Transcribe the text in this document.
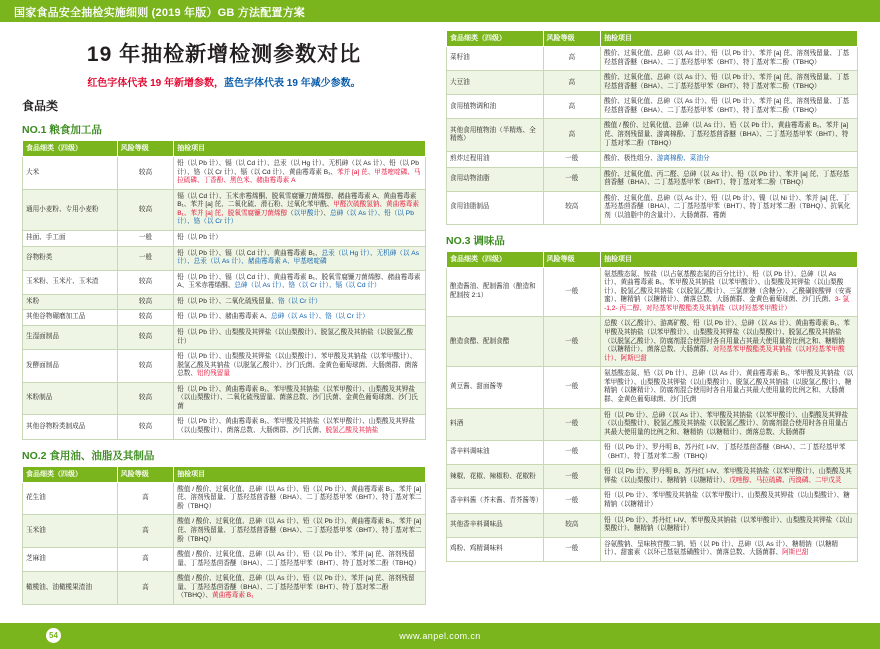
国家食品安全抽检实施细则 (2019 年版）GB 方法配置方案
19 年抽检新增检测参数对比
红色字体代表 19 年新增参数，蓝色字体代表 19 年减少参数。
食品类
NO.1 粮食加工品
食品细类（四级）	风险等级	抽检项目
大米	较高	铅（以 Pb 计）、镉（以 Cd 计）、总汞（以 Hg 计）、无机砷（以 As 计）、铅（以 Pb 计）、铬（以 Cr 计）、镉（以 Cd 计）、黄曲霉毒素 B₁、苯并 [a] 芘、甲基嘧啶磷、马拉硫磷、丁香酚、黑色米、赭曲霉毒素 A
通用小麦粉、专用小麦粉	较高	镉（以 Cd 计）、玉米赤霉烯酮、脱氧雪腐镰刀菌烯醇、赭曲霉毒素 A、黄曲霉毒素 B₁、苯并 [a] 芘、二氧化硫、滑石粉、过氧化苯甲酰、甲醛次硫酸氢钠、黄曲霉毒素 B₁、苯并 [a] 芘、脱氧雪腐镰刀菌烯醇（以甲酸计）、总砷（以 As 计）、铅（以 Pb 计）、铬（以 Cr 计）
挂面、手工面	一般	铅（以 Pb 计）
谷物粉类	一般	铅（以 Pb 计）、镉（以 Cd 计）、黄曲霉毒素 B₁、总汞（以 Hg 计）、无机砷（以 As 计）、总汞（以 As 计）、赭曲霉毒素 A、甲基嘧啶磷
玉米粉、玉米片、玉米渣	较高	铅（以 Pb 计）、镉（以 Cd 计）、黄曲霉毒素 B₁、脱氧雪腐镰刀菌烯醇、赭曲霉毒素 A、玉米赤霉烯酮、总砷（以 As 计）、铬（以 Cr 计）、镉（以 Cd 计）
米粉	较高	铅（以 Pb 计）、二氧化硫残留量、铬（以 Cr 计）
其他谷物碾磨加工品	较高	铅（以 Pb 计）、赭曲霉毒素 A、总砷（以 As 计）、铬（以 Cr 计）
生湿面制品	较高	铅（以 Pb 计）、山梨酸及其钾盐（以山梨酸计）、脱氢乙酸及其钠盐（以脱氢乙酸计）
发酵面制品	较高	铅（以 Pb 计）、山梨酸及其钾盐（以山梨酸计）、苯甲酸及其钠盐（以苯甲酸计）、脱氢乙酸及其钠盐（以脱氢乙酸计）、沙门氏菌、金黄色葡萄球菌、大肠菌群、菌落总数、铝的残留量
米粉制品	较高	铅（以 Pb 计）、黄曲霉毒素 B₁、苯甲酸及其钠盐（以苯甲酸计）、山梨酸及其钾盐（以山梨酸计）、二氧化硫残留量、菌落总数、沙门氏菌、金黄色葡萄球菌、沙门氏菌
其他谷物粉类制成品	较高	铅（以 Pb 计）、黄曲霉毒素 B₁、苯甲酸及其钠盐（以苯甲酸计）、山梨酸及其钾盐（以山梨酸计）、菌落总数、大肠菌群、沙门氏菌、脱氢乙酸及其钠盐
NO.2 食用油、油脂及其制品
食品细类（四级）	风险等级	抽检项目
花生油	高	酸值 / 酸价、过氧化值、总砷（以 As 计）、铅（以 Pb 计）、黄曲霉毒素 B₁、苯并 [a] 芘、溶剂残留量、丁基羟基茴香醚（BHA）、二丁基羟基甲苯（BHT）、特丁基对苯二酚（TBHQ）
玉米油	高	酸值 / 酸价、过氧化值、总砷（以 As 计）、铅（以 Pb 计）、黄曲霉毒素 B₁、苯并 [a] 芘、溶剂残留量、丁基羟基茴香醚（BHA）、二丁基羟基甲苯（BHT）、特丁基对苯二酚（TBHQ）
芝麻油	高	酸值 / 酸价、过氧化值、总砷（以 As 计）、铅（以 Pb 计）、苯并 [a] 芘、溶剂残留量、丁基羟基茴香醚（BHA）、二丁基羟基甲苯（BHT）、特丁基对苯二酚（TBHQ）
橄榄油、油橄榄果渣油	高	酸值 / 酸价、过氧化值、总砷（以 As 计）、铅（以 Pb 计）、苯并 [a] 芘、溶剂残留量、丁基羟基茴香醚（BHA）、二丁基羟基甲苯（BHT）、特丁基对苯二酚（TBHQ）、黄曲霉毒素 B₁
食品细类（四级）	风险等级	抽检项目
菜籽油	高	酸价、过氧化值、总砷（以 As 计）、铅（以 Pb 计）、苯并 [a] 芘、溶剂残留量、丁基羟基茴香醚（BHA）、二丁基羟基甲苯（BHT）、特丁基对苯二酚（TBHQ）
大豆油	高	酸价、过氧化值、总砷（以 As 计）、铅（以 Pb 计）、苯并 [a] 芘、溶剂残留量、丁基羟基茴香醚（BHA）、二丁基羟基甲苯（BHT）、特丁基对苯二酚（TBHQ）
食用植物调和油	高	酸价、过氧化值、总砷（以 As 计）、铅（以 Pb 计）、苯并 [a] 芘、溶剂残留量、丁基羟基茴香醚（BHA）、二丁基羟基甲苯（BHT）、特丁基对苯二酚（TBHQ）
其他食用植物油（半精炼、全精炼）	高	酸值 / 酸价、过氧化值、总砷（以 As 计）、铅（以 Pb 计）、黄曲霉毒素 B₁、苯并 [a] 芘、溶剂残留量、游离棉酚、丁基羟基茴香醚（BHA）、二丁基羟基甲苯（BHT）、特丁基对苯二酚（TBHQ）
煎炸过程用油	一般	酸价、极性组分、游离棉酚、菜油分
食用动物油脂	一般	酸价、过氧化值、丙二醛、总砷（以 As 计）、铅（以 Pb 计）、苯并 [a] 芘、丁基羟基茴香醚（BHA）、二丁基羟基甲苯（BHT）、特丁基对苯二酚（TBHQ）
食用油脂制品	较高	酸价、过氧化值、总砷（以 As 计）、铅（以 Pb 计）、镍（以 Ni 计）、苯并 [a] 芘、丁基羟基茴香醚（BHA）、二丁基羟基甲苯（BHT）、特丁基对苯二酚（TBHQ）、抗氧化剂（以油脂中的含量计）、大肠菌群、霉菌
NO.3 调味品
食品细类（四级）	风险等级	抽检项目
酿造酱油、配制酱油（酿造和配制按 2:1）	一般	氨基酸态氮、铵盐（以占氨基酸态氮的百分比计）、铅（以 Pb 计）、总砷（以 As 计）、黄曲霉毒素 B₁、苯甲酸及其钠盐（以苯甲酸计）、山梨酸及其钾盐（以山梨酸计）、脱氢乙酸及其钠盐（以脱氢乙酸计）、三氯蔗糖（含糖分）、乙酰磺胺酸钾（安赛蜜）、糖精钠（以糖精计）、菌落总数、大肠菌群、金黄色葡萄球菌、沙门氏菌、3- 氯 -1,2- 丙二醇、对羟基苯甲酸酯类及其钠盐（以对羟基苯甲酸计）
酿造食醋、配制食醋	一般	总酸（以乙酸计）、游离矿酸、铅（以 Pb 计）、总砷（以 As 计）、黄曲霉毒素 B₁、苯甲酸及其钠盐（以苯甲酸计）、山梨酸及其钾盐（以山梨酸计）、脱氢乙酸及其钠盐（以脱氢乙酸计）、防腐剂混合使用时各自用量占其最大使用量的比例之和、糖精钠（以糖精计）、菌落总数、大肠菌群、对羟基苯甲酸酯类及其钠盐（以对羟基苯甲酸计）、阿斯巴甜
黄豆酱、甜面酱等	一般	氨基酸态氮、铅（以 Pb 计）、总砷（以 As 计）、黄曲霉毒素 B₁、苯甲酸及其钠盐（以苯甲酸计）、山梨酸及其钾盐（以山梨酸计）、脱氢乙酸及其钠盐（以脱氢乙酸计）、糖精钠（以糖精计）、防腐剂混合使用时各自用量占其最大使用量的比例之和、大肠菌群、金黄色葡萄球菌、沙门氏菌
料酒	一般	铅（以 Pb 计）、总砷（以 As 计）、苯甲酸及其钠盐（以苯甲酸计）、山梨酸及其钾盐（以山梨酸计）、脱氢乙酸及其钠盐（以脱氢乙酸计）、防腐剂混合使用时各自用量占其最大使用量的比例之和、糖精钠（以糖精计）、菌落总数、大肠菌群
香辛料调味油	一般	铅（以 Pb 计）、罗丹明 B、苏丹红 I-IV、丁基羟基茴香醚（BHA）、二丁基羟基甲苯（BHT）、特丁基对苯二酚（TBHQ）
辣椒、花椒、辣椒粉、花椒粉	一般	铅（以 Pb 计）、罗丹明 B、苏丹红 I-IV、苯甲酸及其钠盐（以苯甲酸计）、山梨酸及其钾盐（以山梨酸计）、糖精钠（以糖精计）、戊唑醇、马拉硫磷、丙溴磷、二甲戊灵
香辛料酱（芥末酱、青芥酱等）	一般	铅（以 Pb 计）、苯甲酸及其钠盐（以苯甲酸计）、山梨酸及其钾盐（以山梨酸计）、糖精钠（以糖精计）
其他香辛料调味品	较高	铅（以 Pb 计）、苏丹红 I-IV、苯甲酸及其钠盐（以苯甲酸计）、山梨酸及其钾盐（以山梨酸计）、糖精钠（以糖精计）
鸡粉、鸡精调味料	一般	谷氨酸钠、呈味核苷酸二钠、铅（以 Pb 计）、总砷（以 As 计）、糖精钠（以糖精计）、甜蜜素（以环己基氨基磺酸计）、菌落总数、大肠菌群、阿斯巴甜
54	www.anpel.com.cn
